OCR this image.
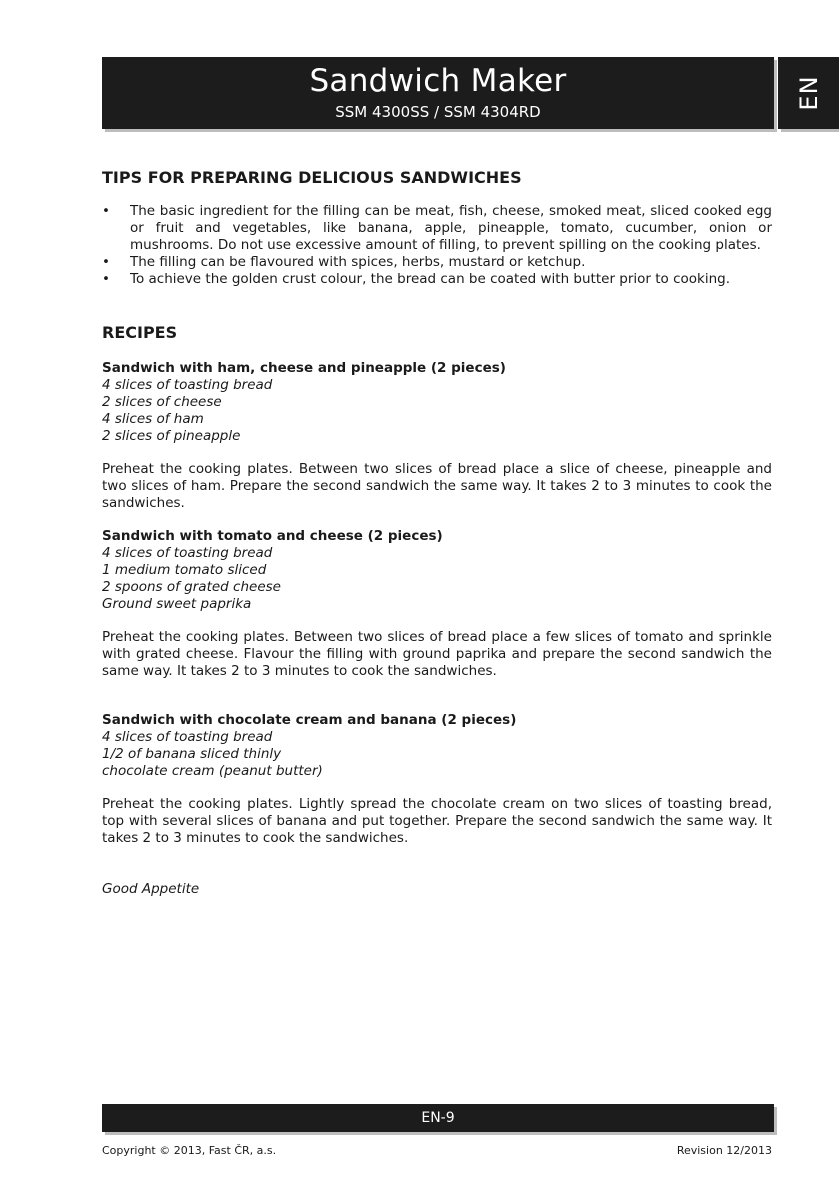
Sandwich Maker
SSM 4300SS / SSM 4304RD
EN
TIPS FOR PREPARING DELICIOUS SANDWICHES
• The basic ingredient for the filling can be meat, fish, cheese, smoked meat, sliced cooked egg or fruit and vegetables, like banana, apple, pineapple, tomato, cucumber, onion or mushrooms. Do not use excessive amount of filling, to prevent spilling on the cooking plates.
• The filling can be flavoured with spices, herbs, mustard or ketchup.
• To achieve the golden crust colour, the bread can be coated with butter prior to cooking.
RECIPES
Sandwich with ham, cheese and pineapple (2 pieces)
4 slices of toasting bread
2 slices of cheese
4 slices of ham
2 slices of pineapple

Preheat the cooking plates. Between two slices of bread place a slice of cheese, pineapple and two slices of ham. Prepare the second sandwich the same way. It takes 2 to 3 minutes to cook the sandwiches.

Sandwich with tomato and cheese (2 pieces)
4 slices of toasting bread
1 medium tomato sliced
2 spoons of grated cheese
Ground sweet paprika

Preheat the cooking plates. Between two slices of bread place a few slices of tomato and sprinkle with grated cheese. Flavour the filling with ground paprika and prepare the second sandwich the same way. It takes 2 to 3 minutes to cook the sandwiches.

Sandwich with chocolate cream and banana (2 pieces)
4 slices of toasting bread
1/2 of banana sliced thinly
chocolate cream (peanut butter)

Preheat the cooking plates. Lightly spread the chocolate cream on two slices of toasting bread, top with several slices of banana and put together. Prepare the second sandwich the same way. It takes 2 to 3 minutes to cook the sandwiches.

Good Appetite
EN-9
Copyright © 2013, Fast ČR, a.s.	Revision 12/2013
